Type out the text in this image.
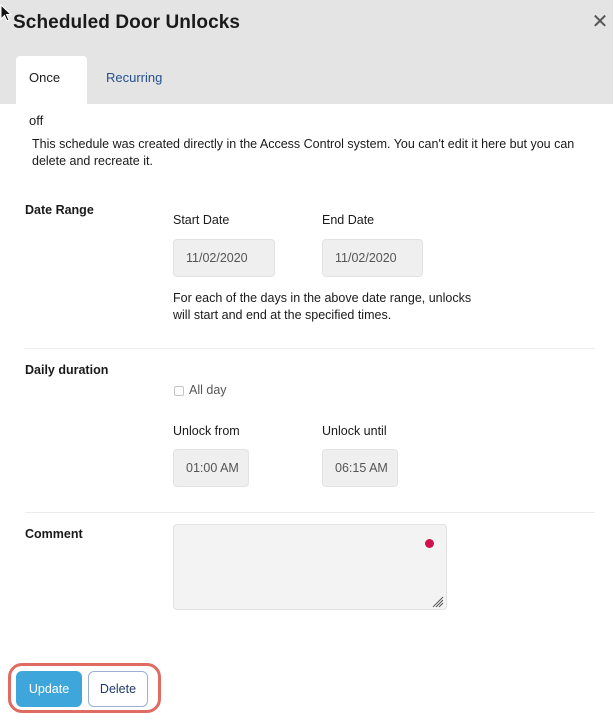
Scheduled Door Unlocks	✕
Once off
Recurring
This schedule was created directly in the Access Control system. You can't edit it here but you can delete and recreate it.
Date Range
Start Date	End Date
11/02/2020	11/02/2020
For each of the days in the above date range, unlocks will start and end at the specified times.
Daily duration
All day
Unlock from	Unlock until
01:00 AM	06:15 AM
Comment
Update	Delete
